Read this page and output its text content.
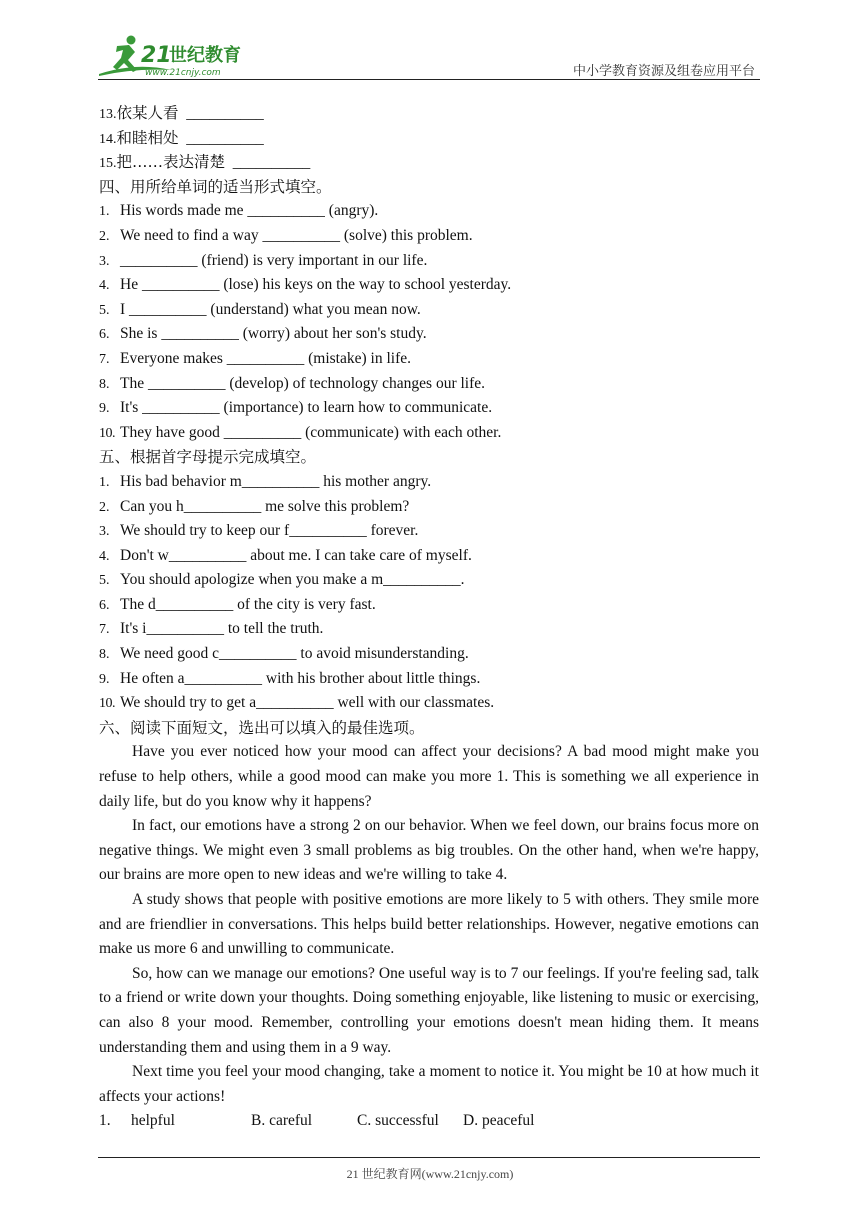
21
世纪教育
www.21cnjy.com	中小学教育资源及组卷应用平台
13.依某人看  __________
14.和睦相处  __________
15.把……表达清楚  __________
四、用所给单词的适当形式填空。
1. His words made me __________ (angry).
2. We need to find a way __________ (solve) this problem.
3. __________ (friend) is very important in our life.
4. He __________ (lose) his keys on the way to school yesterday.
5. I __________ (understand) what you mean now.
6. She is __________ (worry) about her son's study.
7. Everyone makes __________ (mistake) in life.
8. The __________ (develop) of technology changes our life.
9. It's __________ (importance) to learn how to communicate.
10. They have good __________ (communicate) with each other.
五、根据首字母提示完成填空。
1. His bad behavior m__________ his mother angry.
2. Can you h__________ me solve this problem?
3. We should try to keep our f__________ forever.
4. Don't w__________ about me. I can take care of myself.
5. You should apologize when you make a m__________.
6. The d__________ of the city is very fast.
7. It's i__________ to tell the truth.
8. We need good c__________ to avoid misunderstanding.
9. He often a__________ with his brother about little things.
10. We should try to get a__________ well with our classmates.
六、阅读下面短文，选出可以填入的最佳选项。
Have you ever noticed how your mood can affect your decisions? A bad mood might make you refuse to help others, while a good mood can make you more 1. This is something we all experience in daily life, but do you know why it happens?
In fact, our emotions have a strong 2 on our behavior. When we feel down, our brains focus more on negative things. We might even 3 small problems as big troubles. On the other hand, when we're happy, our brains are more open to new ideas and we're willing to take 4.
A study shows that people with positive emotions are more likely to 5 with others. They smile more and are friendlier in conversations. This helps build better relationships. However, negative emotions can make us more 6 and unwilling to communicate.
So, how can we manage our emotions? One useful way is to 7 our feelings. If you're feeling sad, talk to a friend or write down your thoughts. Doing something enjoyable, like listening to music or exercising, can also 8 your mood. Remember, controlling your emotions doesn't mean hiding them. It means understanding them and using them in a 9 way.
Next time you feel your mood changing, take a moment to notice it. You might be 10 at how much it affects your actions!
1. helpful	B. careful	C. successful D. peaceful
21 世纪教育网(www.21cnjy.com)
